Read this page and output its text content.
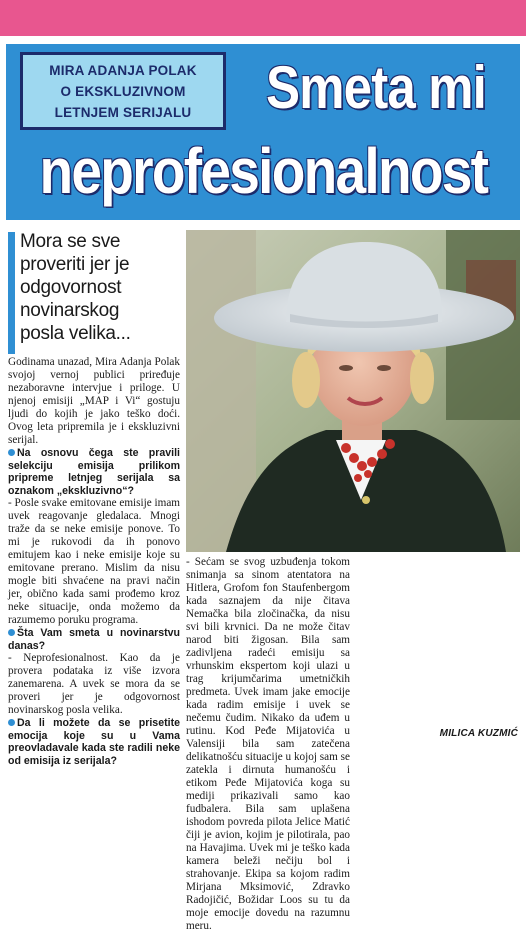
MIRA ADANJA POLAK
O EKSKLUZIVNOM
LETNJEM SERIJALU Smeta mi
neprofesionalnost
Mora se sve
proveriti jer je
odgovornost
novinarskog
posla velika...

Godinama unazad, Mira Adanja Polak svojoj vernoj publici priređuje nezaboravne intervjue i priloge. U njenoj emisiji „MAP i Vi“ gostuju ljudi do kojih je jako teško doći. Ovog leta pripremila je i ekskluzivni serijal.

Na osnovu čega ste pravili selekciju emisija prilikom pripreme letnjeg serijala sa oznakom „ekskluzivno“?

- Posle svake emitovane emisije imam uvek reagovanje gledalaca. Mnogi traže da se neke emisije ponove. To mi je rukovodi da ih ponovo emitujem kao i neke emisije koje su emitovane prerano. Mislim da nisu mogle biti shvaćene na pravi način jer, obično kada sami prođemo kroz neke situacije, onda možemo da razumemo poruku programa.

Šta Vam smeta u novinarstvu danas?

- Neprofesionalnost. Kao da je provera podataka iz više izvora zanemarena. A uvek se mora da se proveri jer je odgovornost novinarskog posla velika.

Da li možete da se prisetite emocija koje su u Vama preovladavale kada ste radili neke od emisija iz serijala?

- Sećam se svog uzbuđenja tokom snimanja sa sinom atentatora na Hitlera, Grofom fon Staufenbergom kada saznajem da nije čitava Nemačka bila zločinačka, da nisu svi bili krvnici. Da ne može čitav narod biti žigosan. Bila sam zadivljena radeći emisiju sa vrhunskim ekspertom koji ulazi u trag krijumčarima umetničkih predmeta. Uvek imam jake emocije kada radim emisije i uvek se nečemu čudim. Nikako da uđem u rutinu. Kod Peđe Mijatovića u Valensiji bila sam zatečena delikatnošću situacije u kojoj sam se zatekla i dirnuta humanošću i etikom Peđe Mijatovića koga su mediji prikazivali samo kao fudbalera. Bila sam uplašena ishodom povreda pilota Jelice Matić čiji je avion, kojim je pilotirala, pao na Havajima. Uvek mi je teško kada kamera beleži nečiju bol i strahovanje. Ekipa sa kojom radim Mirjana Mksimović, Zdravko Radojičić, Božidar Loos su tu da moje emocije dovedu na razumnu meru.

MILICA KUZMIĆ
